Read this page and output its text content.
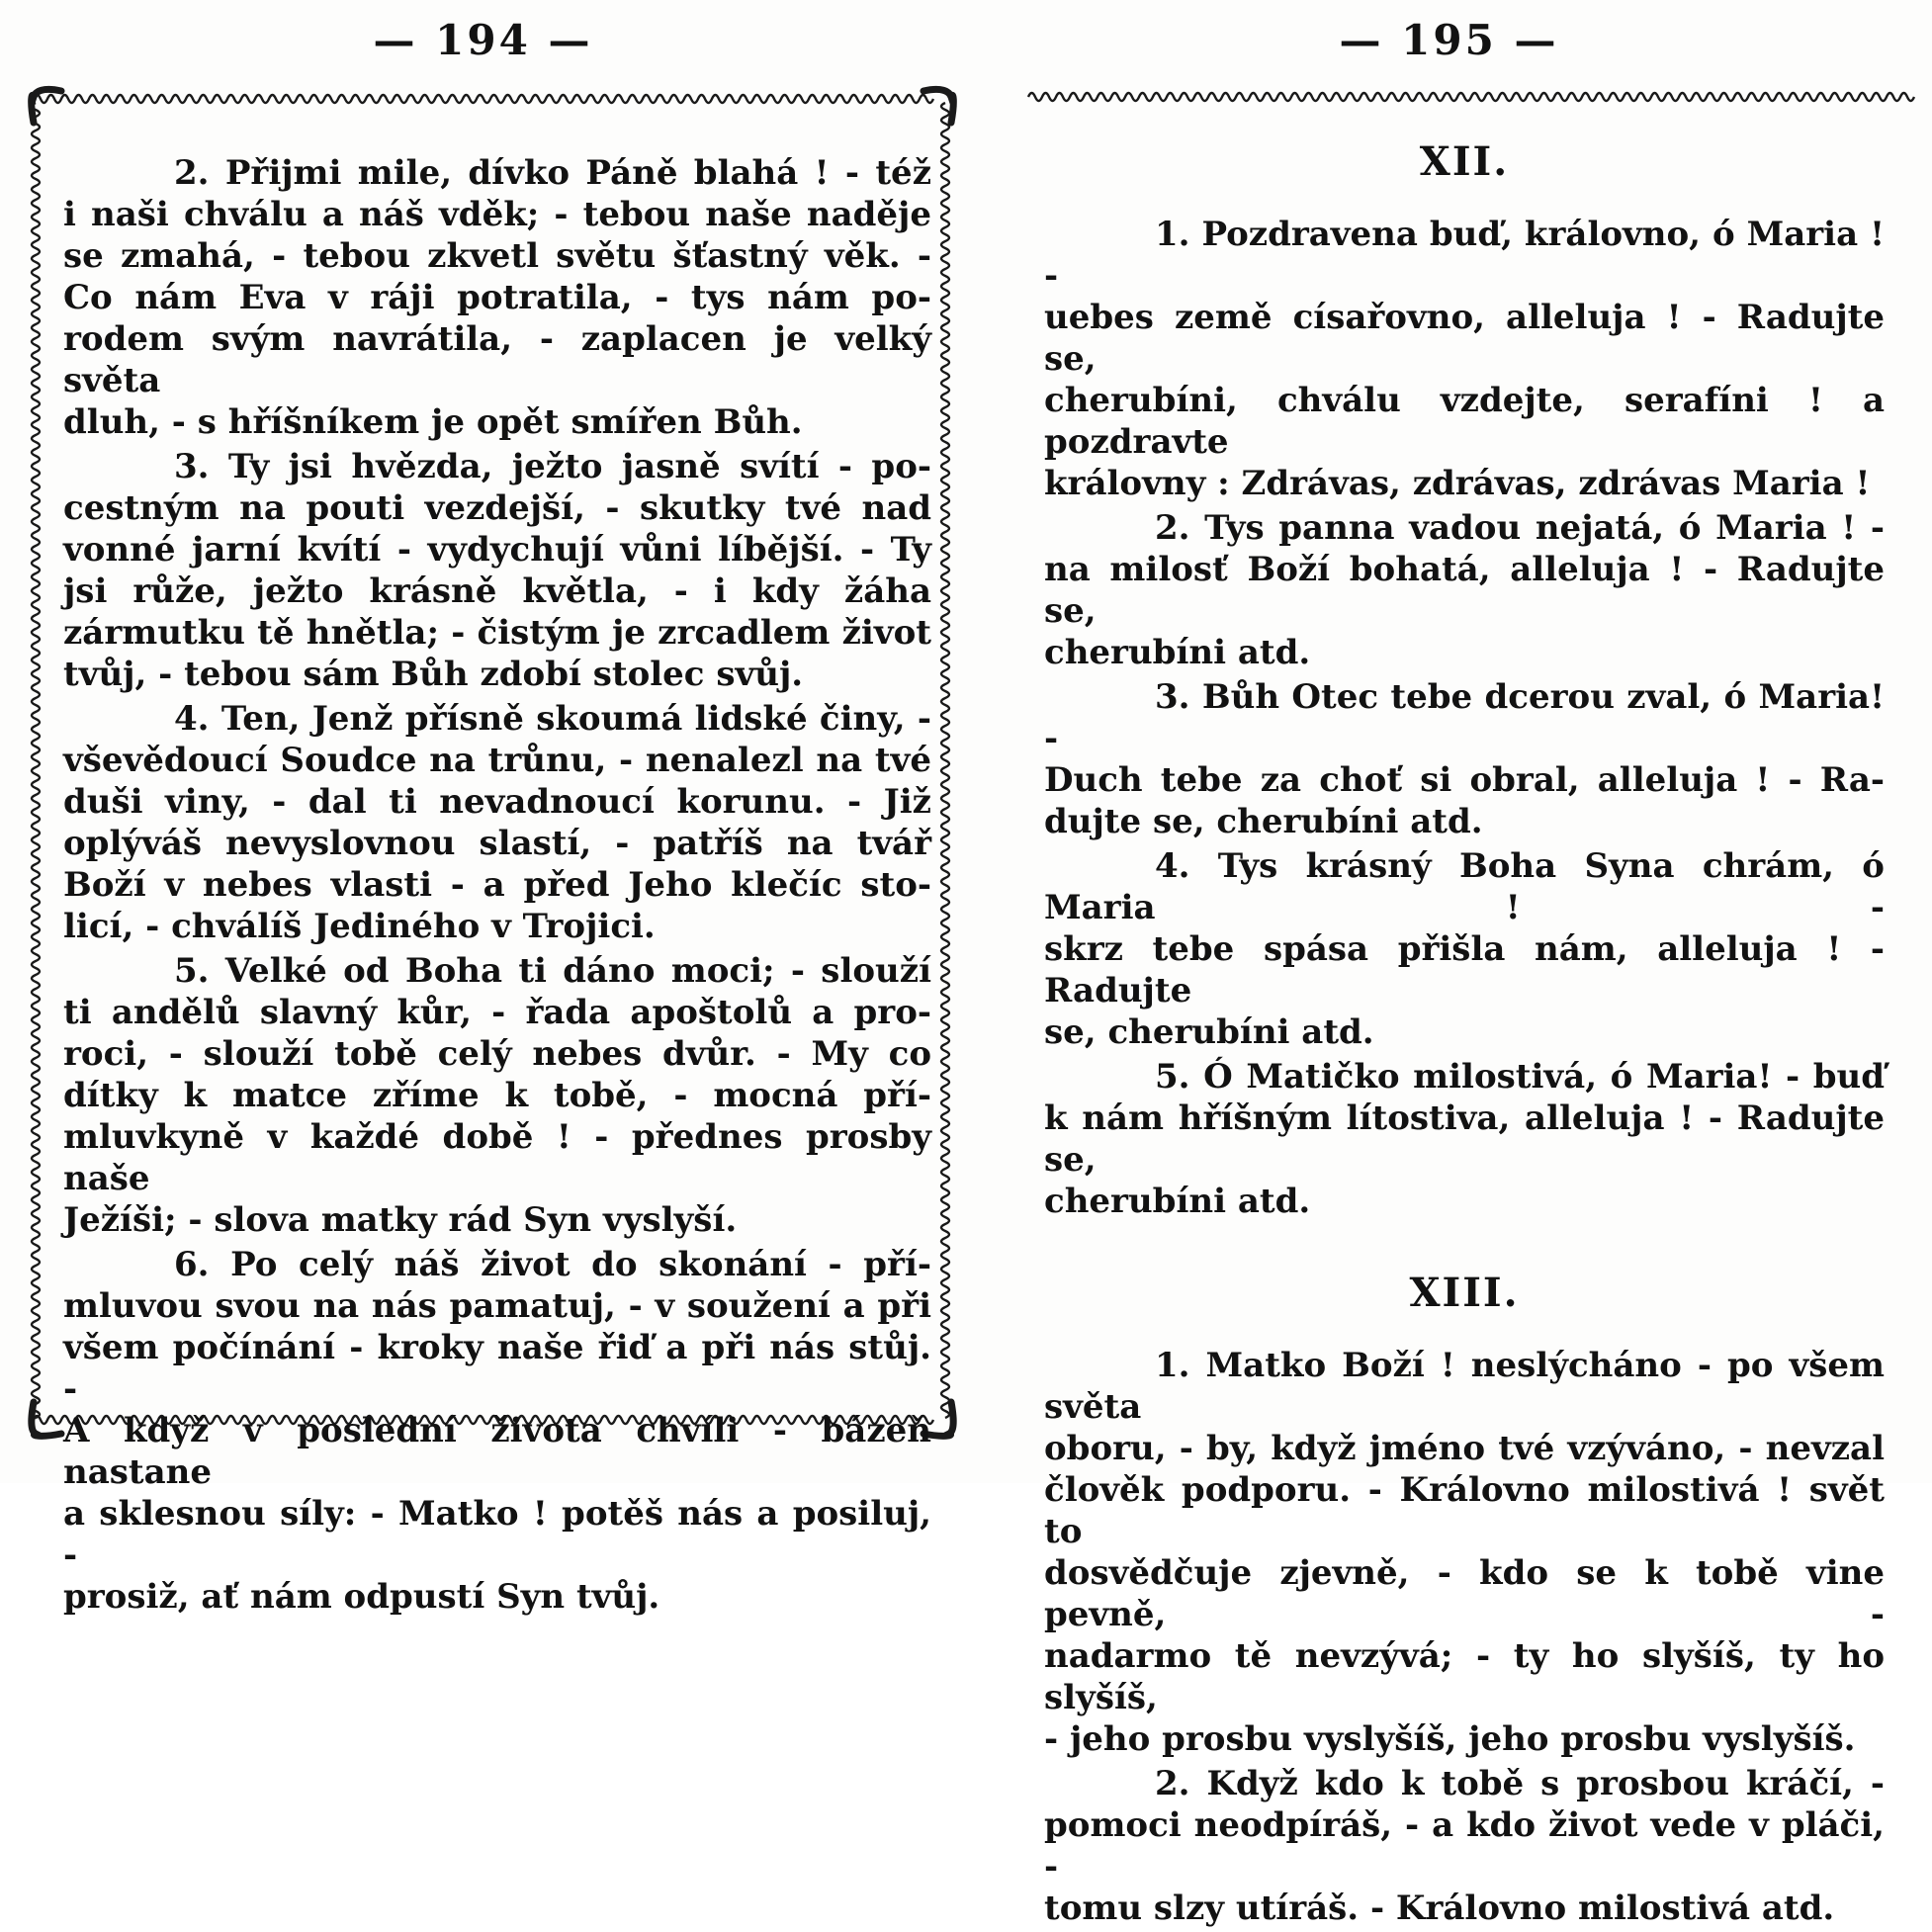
— 194 —	— 195 —
2. Přijmi mile, dívko Páně blahá ! - též
i naši chválu a náš vděk; - tebou naše naděje
se zmahá, - tebou zkvetl světu šťastný věk. -
Co nám Eva v ráji potratila, - tys nám po-
rodem svým navrátila, - zaplacen je velký světa
dluh, - s hříšníkem je opět smířen Bůh.
3. Ty jsi hvězda, ježto jasně svítí - po-
cestným na pouti vezdejší, - skutky tvé nad
vonné jarní kvítí - vydychují vůni líbější. - Ty
jsi růže, ježto krásně květla, - i kdy žáha
zármutku tě hnětla; - čistým je zrcadlem život
tvůj, - tebou sám Bůh zdobí stolec svůj.
4. Ten, Jenž přísně skoumá lidské činy, -
vševědoucí Soudce na trůnu, - nenalezl na tvé
duši viny, - dal ti nevadnoucí korunu. - Již
oplýváš nevyslovnou slastí, - patříš na tvář
Boží v nebes vlasti - a před Jeho klečíc sto-
licí, - chválíš Jediného v Trojici.
5. Velké od Boha ti dáno moci; - slouží
ti andělů slavný kůr, - řada apoštolů a pro-
roci, - slouží tobě celý nebes dvůr. - My co
dítky k matce zříme k tobě, - mocná pří-
mluvkyně v každé době ! - přednes prosby naše
Ježíši; - slova matky rád Syn vyslyší.
6. Po celý náš život do skonání - pří-
mluvou svou na nás pamatuj, - v soužení a při
všem počínání - kroky naše řiď a při nás stůj. -
A když v poslední života chvíli - bázeň nastane
a sklesnou síly: - Matko ! potěš nás a posiluj, -
prosiž, ať nám odpustí Syn tvůj.
XII.
1. Pozdravena buď, královno, ó Maria ! -
uebes země císařovno, alleluja ! - Radujte se,
cherubíni, chválu vzdejte, serafíni ! a pozdravte
královny : Zdrávas, zdrávas, zdrávas Maria !
2. Tys panna vadou nejatá, ó Maria ! -
na milosť Boží bohatá, alleluja ! - Radujte se,
cherubíni atd.
3. Bůh Otec tebe dcerou zval, ó Maria! -
Duch tebe za choť si obral, alleluja ! - Ra-
dujte se, cherubíni atd.
4. Tys krásný Boha Syna chrám, ó Maria ! -
skrz tebe spása přišla nám, alleluja ! - Radujte
se, cherubíni atd.
5. Ó Matičko milostivá, ó Maria! - buď
k nám hříšným lítostiva, alleluja ! - Radujte se,
cherubíni atd.
XIII.
1. Matko Boží ! neslýcháno - po všem světa
oboru, - by, když jméno tvé vzýváno, - nevzal
člověk podporu. - Královno milostivá ! svět to
dosvědčuje zjevně, - kdo se k tobě vine pevně, -
nadarmo tě nevzývá; - ty ho slyšíš, ty ho slyšíš,
- jeho prosbu vyslyšíš, jeho prosbu vyslyšíš.
2. Když kdo k tobě s prosbou kráčí, -
pomoci neodpíráš, - a kdo život vede v pláči, -
tomu slzy utíráš. - Královno milostivá atd.
